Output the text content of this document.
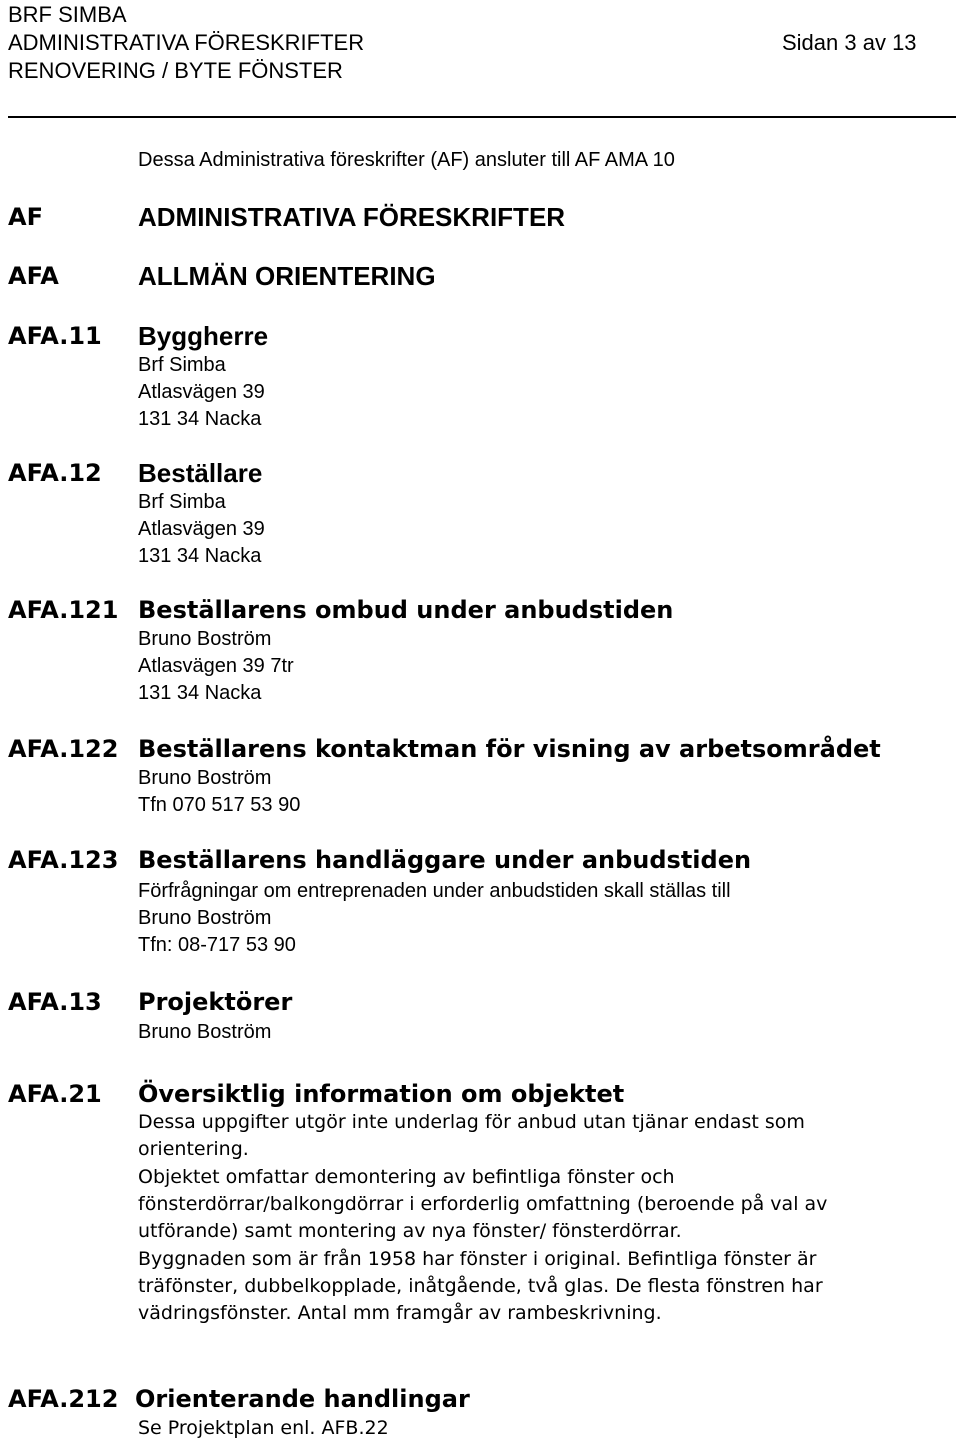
BRF SIMBA
ADMINISTRATIVA FÖRESKRIFTER	Sidan 3 av 13
RENOVERING / BYTE FÖNSTER
Dessa Administrativa föreskrifter (AF) ansluter till AF AMA 10
AF	ADMINISTRATIVA FÖRESKRIFTER
AFA	ALLMÄN ORIENTERING
AFA.11 Byggherre
Brf Simba
Atlasvägen 39
131 34 Nacka
AFA.12 Beställare
Brf Simba
Atlasvägen 39
131 34 Nacka
AFA.121 Beställarens ombud under anbudstiden
Bruno Boström
Atlasvägen 39 7tr
131 34 Nacka
AFA.122 Beställarens kontaktman för visning av arbetsområdet
Bruno Boström
Tfn 070 517 53 90
AFA.123 Beställarens handläggare under anbudstiden
Förfrågningar om entreprenaden under anbudstiden skall ställas till
Bruno Boström
Tfn: 08-717 53 90
AFA.13 Projektörer
Bruno Boström
AFA.21 Översiktlig information om objektet
Dessa uppgifter utgör inte underlag för anbud utan tjänar endast som
orientering.
Objektet omfattar demontering av befintliga fönster och
fönsterdörrar/balkongdörrar i erforderlig omfattning (beroende på val av
utförande) samt montering av nya fönster/ fönsterdörrar.
Byggnaden som är från 1958 har fönster i original. Befintliga fönster är
träfönster, dubbelkopplade, inåtgående, två glas. De flesta fönstren har
vädringsfönster. Antal mm framgår av rambeskrivning.
AFA.212 Orienterande handlingar
Se Projektplan enl. AFB.22
